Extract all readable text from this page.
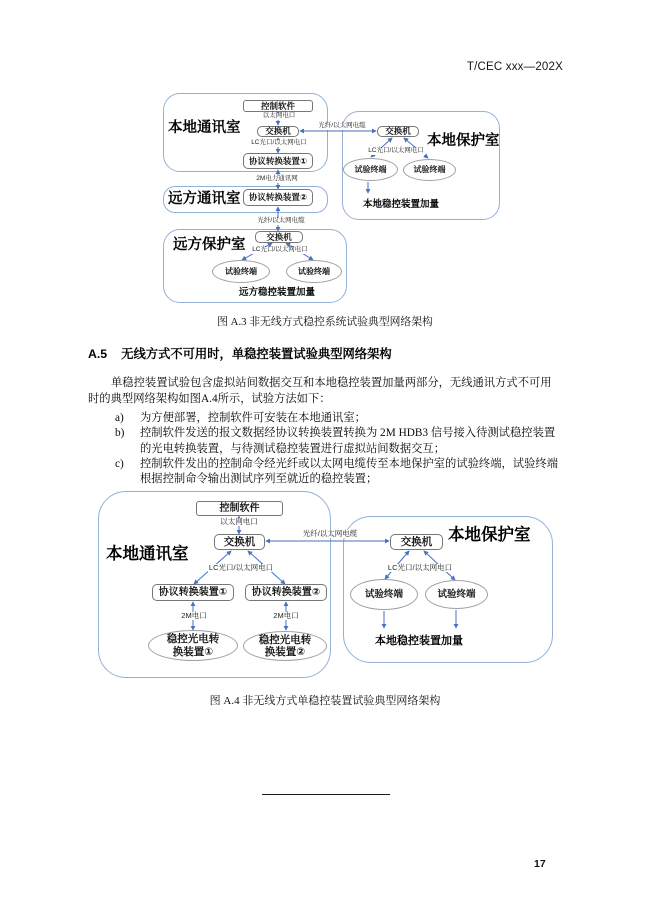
T/CEC xxx—202X
本地通讯室
远方通讯室
远方保护室
本地保护室
控制软件
交换机
协议转换装置①
协议转换装置②
交换机
交换机
试验终端	试验终端
试验终端	试验终端
以太网电口
LC光口/以太网电口
2M电力通讯网
光纤/以太网电缆
LC光口/以太网电口
光纤/以太网电缆
LC光口/以太网电口
本地稳控装置加量
远方稳控装置加量
图 A.3 非无线方式稳控系统试验典型网络架构
A.5 无线方式不可用时，单稳控装置试验典型网络架构
单稳控装置试验包含虚拟站间数据交互和本地稳控装置加量两部分，无线通讯方式不可用
时的典型网络架构如图A.4所示，试验方法如下：
a)	为方便部署，控制软件可安装在本地通讯室；
b)	控制软件发送的报文数据经协议转换装置转换为 2M HDB3 信号接入待测试稳控装置
的光电转换装置，与待测试稳控装置进行虚拟站间数据交互；
c)	控制软件发出的控制命令经光纤或以太网电缆传至本地保护室的试验终端，试验终端
根据控制命令输出测试序列至就近的稳控装置；
本地通讯室
本地保护室
控制软件
交换机
协议转换装置①	协议转换装置②
交换机
稳控光电转换装置①
稳控光电转换装置②
试验终端	试验终端
以太网电口
光纤/以太网电缆
LC光口/以太网电口	LC光口/以太网电口
2M电口	2M电口
本地稳控装置加量
图 A.4 非无线方式单稳控装置试验典型网络架构
17
